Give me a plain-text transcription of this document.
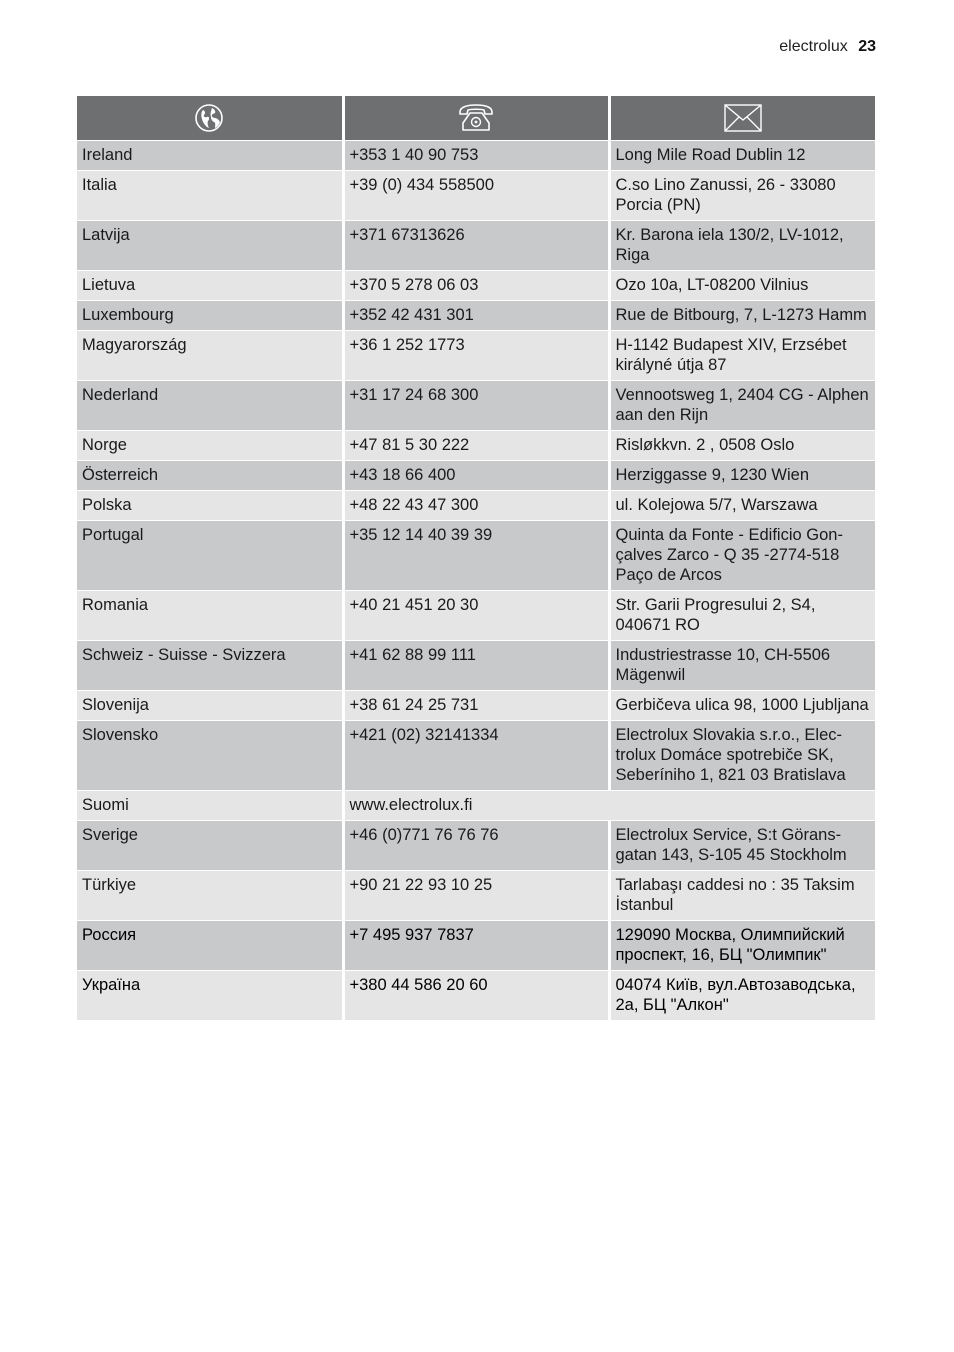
electrolux 23

Ireland	+353 1 40 90 753	Long Mile Road Dublin 12
Italia	+39 (0) 434 558500	C.so Lino Zanussi, 26 - 33080 Porcia (PN)
Latvija	+371 67313626	Kr. Barona iela 130/2, LV-1012, Riga
Lietuva	+370 5 278 06 03	Ozo 10a, LT-08200 Vilnius
Luxembourg	+352 42 431 301	Rue de Bitbourg, 7, L-1273 Hamm
Magyarország	+36 1 252 1773	H-1142 Budapest XIV, Erzsébet királyné útja 87
Nederland	+31 17 24 68 300	Vennootsweg 1, 2404 CG - Alphen aan den Rijn
Norge	+47 81 5 30 222	Risløkkvn. 2 , 0508 Oslo
Österreich	+43 18 66 400	Herziggasse 9, 1230 Wien
Polska	+48 22 43 47 300	ul. Kolejowa 5/7, Warszawa
Portugal	+35 12 14 40 39 39	Quinta da Fonte - Edificio Gonçalves Zarco - Q 35 -2774-518 Paço de Arcos
Romania	+40 21 451 20 30	Str. Garii Progresului 2, S4, 040671 RO
Schweiz - Suisse - Svizzera	+41 62 88 99 111	Industriestrasse 10, CH-5506 Mägenwil
Slovenija	+38 61 24 25 731	Gerbičeva ulica 98, 1000 Ljubljana
Slovensko	+421 (02) 32141334	Electrolux Slovakia s.r.o., Electrolux Domáce spotrebiče SK, Seberíniho 1, 821 03 Bratislava
Suomi	www.electrolux.fi	
Sverige	+46 (0)771 76 76 76	Electrolux Service, S:t Göransgatan 143, S-105 45 Stockholm
Türkiye	+90 21 22 93 10 25	Tarlabaşı caddesi no : 35 Taksim İstanbul
Россия	+7 495 937 7837	129090 Москва, Олимпийский проспект, 16, БЦ "Олимпик"
Україна	+380 44 586 20 60	04074 Київ, вул.Автозаводська, 2а, БЦ "Алкон"
